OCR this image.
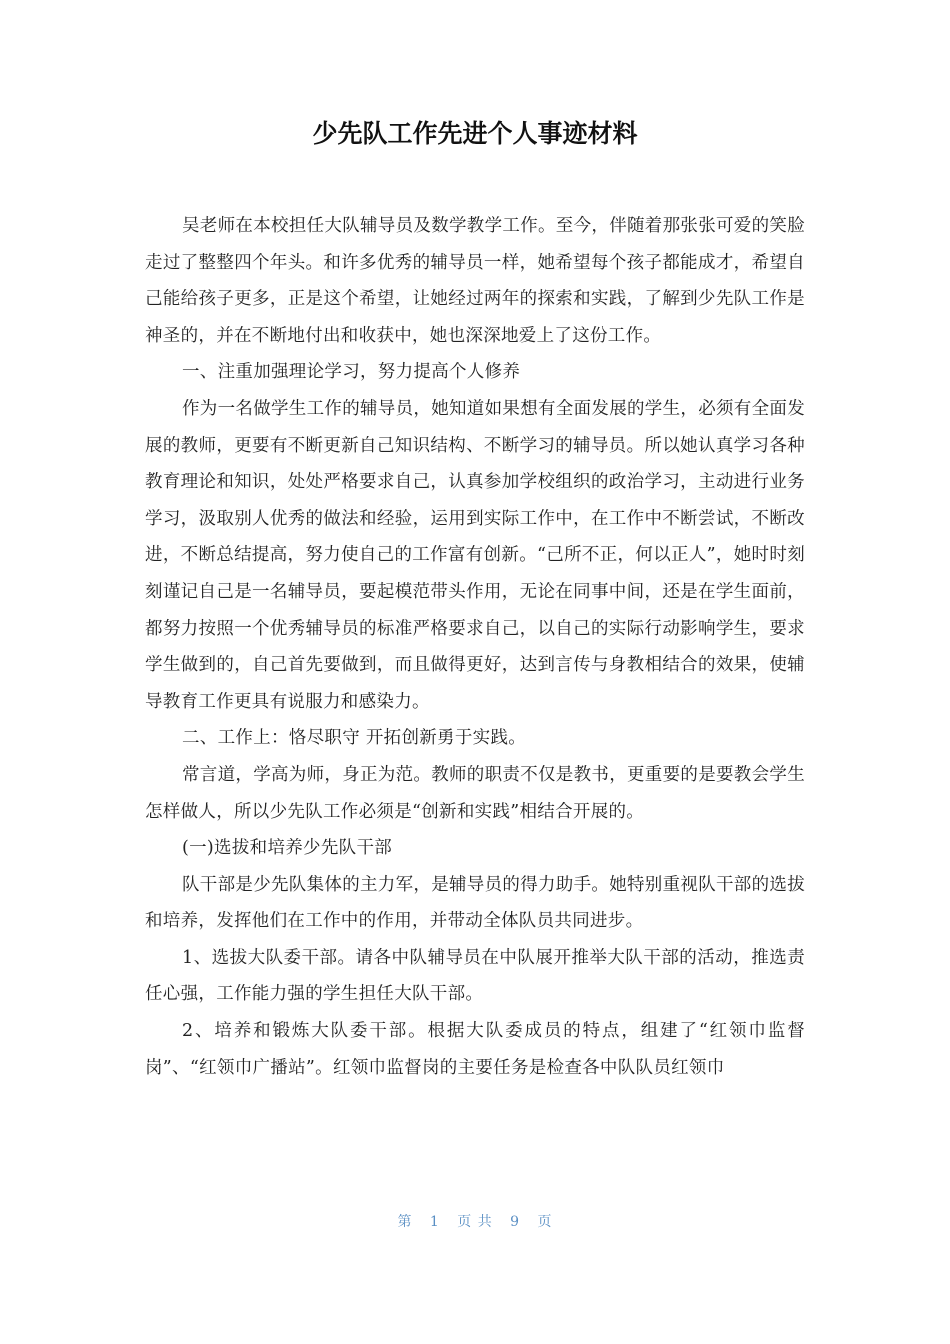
少先队工作先进个人事迹材料

吴老师在本校担任大队辅导员及数学教学工作。至今，伴随着那张张可爱的笑脸走过了整整四个年头。和许多优秀的辅导员一样，她希望每个孩子都能成才，希望自己能给孩子更多，正是这个希望，让她经过两年的探索和实践，了解到少先队工作是神圣的，并在不断地付出和收获中，她也深深地爱上了这份工作。

一、注重加强理论学习，努力提高个人修养

作为一名做学生工作的辅导员，她知道如果想有全面发展的学生，必须有全面发展的教师，更要有不断更新自己知识结构、不断学习的辅导员。所以她认真学习各种教育理论和知识，处处严格要求自己，认真参加学校组织的政治学习，主动进行业务学习，汲取别人优秀的做法和经验，运用到实际工作中，在工作中不断尝试，不断改进，不断总结提高，努力使自己的工作富有创新。“己所不正，何以正人”，她时时刻刻谨记自己是一名辅导员，要起模范带头作用，无论在同事中间，还是在学生面前，都努力按照一个优秀辅导员的标准严格要求自己，以自己的实际行动影响学生，要求学生做到的，自己首先要做到，而且做得更好，达到言传与身教相结合的效果，使辅导教育工作更具有说服力和感染力。

二、工作上：恪尽职守 开拓创新勇于实践。

常言道，学高为师，身正为范。教师的职责不仅是教书，更重要的是要教会学生怎样做人，所以少先队工作必须是“创新和实践”相结合开展的。

(一)选拔和培养少先队干部

队干部是少先队集体的主力军，是辅导员的得力助手。她特别重视队干部的选拔和培养，发挥他们在工作中的作用，并带动全体队员共同进步。

1、选拔大队委干部。请各中队辅导员在中队展开推举大队干部的活动，推选责任心强，工作能力强的学生担任大队干部。

2、培养和锻炼大队委干部。根据大队委成员的特点，组建了“红领巾监督岗”、“红领巾广播站”。红领巾监督岗的主要任务是检查各中队队员红领巾

第 1 页 共 9 页
